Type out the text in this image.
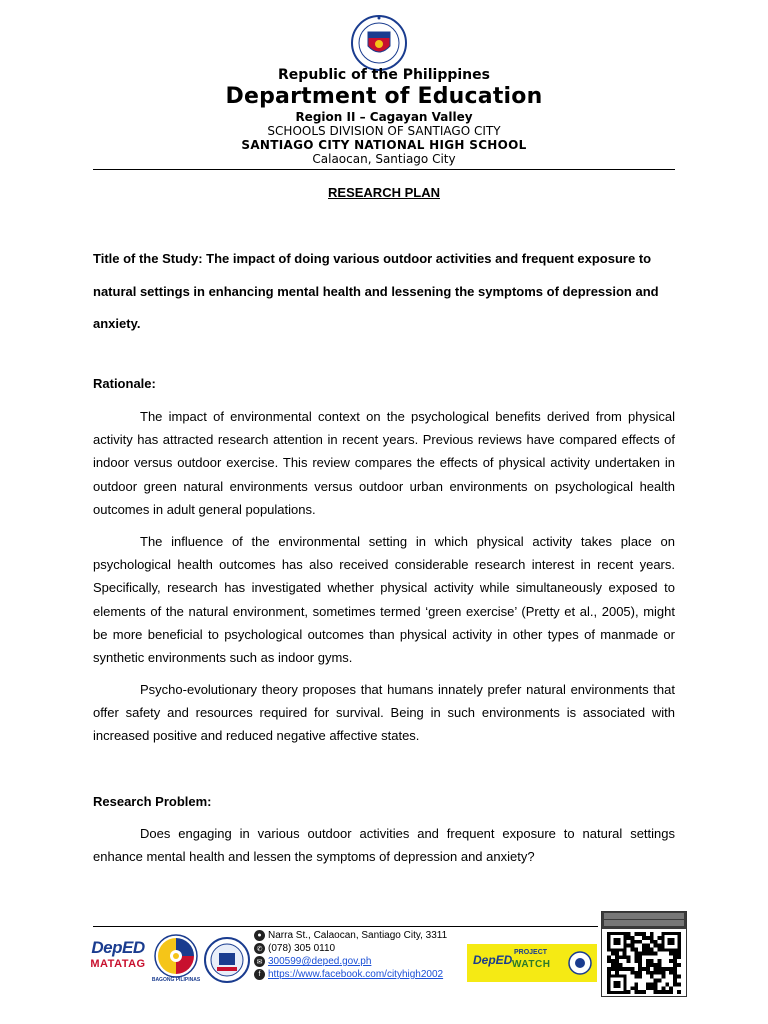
Republic of the Philippines
Department of Education
Region II – Cagayan Valley
SCHOOLS DIVISION OF SANTIAGO CITY
SANTIAGO CITY NATIONAL HIGH SCHOOL
Calaocan, Santiago City
RESEARCH PLAN
Title of the Study: The impact of doing various outdoor activities and frequent exposure to natural settings in enhancing mental health and lessening the symptoms of depression and anxiety.
Rationale:

The impact of environmental context on the psychological benefits derived from physical activity has attracted research attention in recent years. Previous reviews have compared effects of indoor versus outdoor exercise. This review compares the effects of physical activity undertaken in outdoor green natural environments versus outdoor urban environments on psychological health outcomes in adult general populations.

The influence of the environmental setting in which physical activity takes place on psychological health outcomes has also received considerable research interest in recent years. Specifically, research has investigated whether physical activity while simultaneously exposed to elements of the natural environment, sometimes termed ‘green exercise’ (Pretty et al., 2005), might be more beneficial to psychological outcomes than physical activity in other types of manmade or synthetic environments such as indoor gyms.

Psycho-evolutionary theory proposes that humans innately prefer natural environments that offer safety and resources required for survival. Being in such environments is associated with increased positive and reduced negative affective states.

Research Problem:

Does engaging in various outdoor activities and frequent exposure to natural settings enhance mental health and lessen the symptoms of depression and anxiety?

DepED
MATATAG
BAGONG PILIPINAS
● Narra St., Calaocan, Santiago City, 3311
✆ (078) 305 0110
✉ 300599@deped.gov.ph
f https://www.facebook.com/cityhigh2002
DepED
PROJECT
WATCH
